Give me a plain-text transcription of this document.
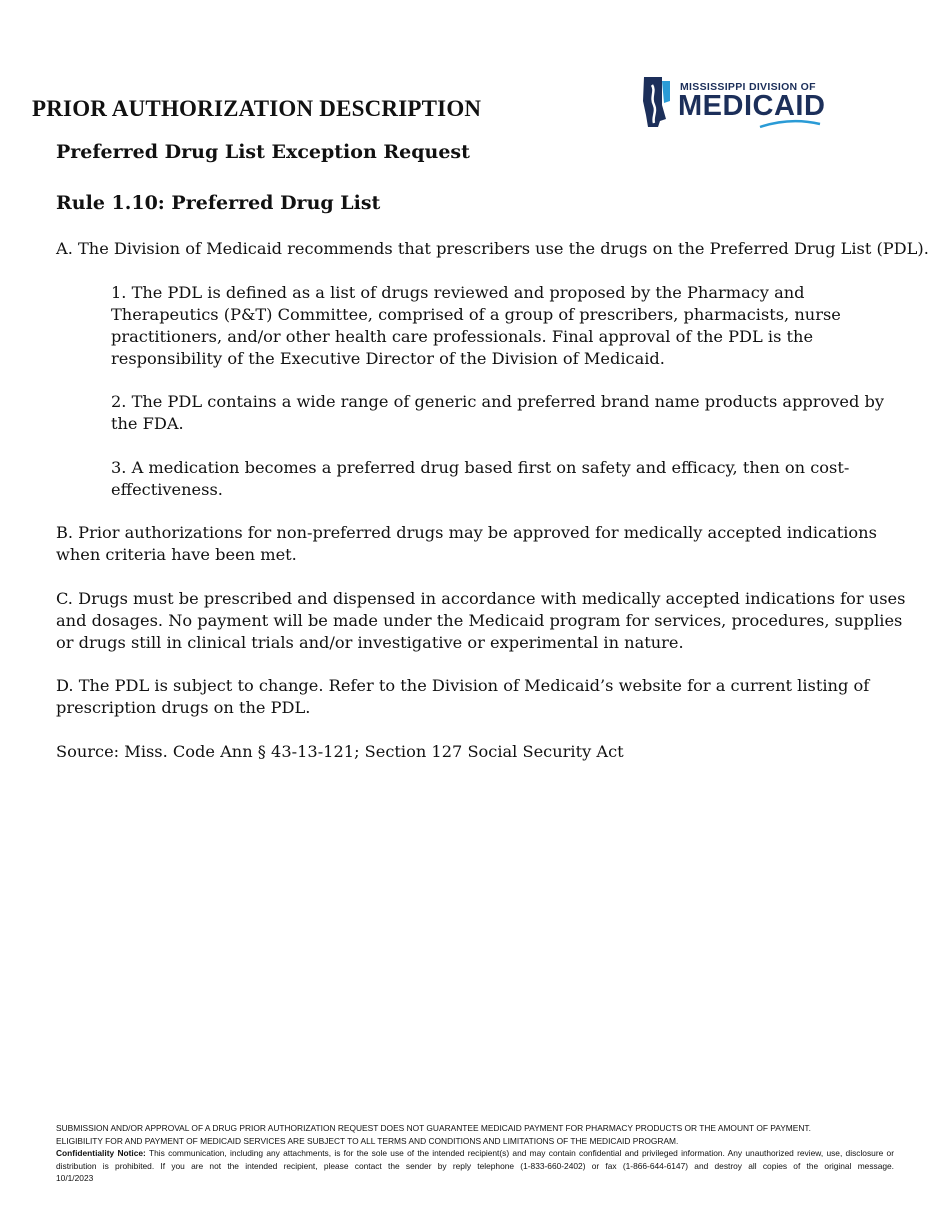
PRIOR AUTHORIZATION DESCRIPTION
MISSISSIPPI DIVISION OF
MEDICAID
Preferred Drug List Exception Request
Rule 1.10: Preferred Drug List

A. The Division of Medicaid recommends that prescribers use the drugs on the Preferred Drug List (PDL).

1. The PDL is defined as a list of drugs reviewed and proposed by the Pharmacy and Therapeutics (P&T) Committee, comprised of a group of prescribers, pharmacists, nurse practitioners, and/or other health care professionals. Final approval of the PDL is the responsibility of the Executive Director of the Division of Medicaid.

2. The PDL contains a wide range of generic and preferred brand name products approved by the FDA.

3. A medication becomes a preferred drug based first on safety and efficacy, then on cost-effectiveness.

B. Prior authorizations for non-preferred drugs may be approved for medically accepted indications when criteria have been met.

C. Drugs must be prescribed and dispensed in accordance with medically accepted indications for uses and dosages. No payment will be made under the Medicaid program for services, procedures, supplies or drugs still in clinical trials and/or investigative or experimental in nature.

D. The PDL is subject to change. Refer to the Division of Medicaid’s website for a current listing of prescription drugs on the PDL.

Source: Miss. Code Ann § 43-13-121; Section 127 Social Security Act

SUBMISSION AND/OR APPROVAL OF A DRUG PRIOR AUTHORIZATION REQUEST DOES NOT GUARANTEE MEDICAID PAYMENT FOR PHARMACY PRODUCTS OR THE AMOUNT OF PAYMENT.
ELIGIBILITY FOR AND PAYMENT OF MEDICAID SERVICES ARE SUBJECT TO ALL TERMS AND CONDITIONS AND LIMITATIONS OF THE MEDICAID PROGRAM.
Confidentiality Notice: This communication, including any attachments, is for the sole use of the intended recipient(s) and may contain confidential and privileged information. Any unauthorized review, use, disclosure or distribution is prohibited. If you are not the intended recipient, please contact the sender by reply telephone (1-833-660-2402) or fax (1-866-644-6147) and destroy all copies of the original message.
10/1/2023
